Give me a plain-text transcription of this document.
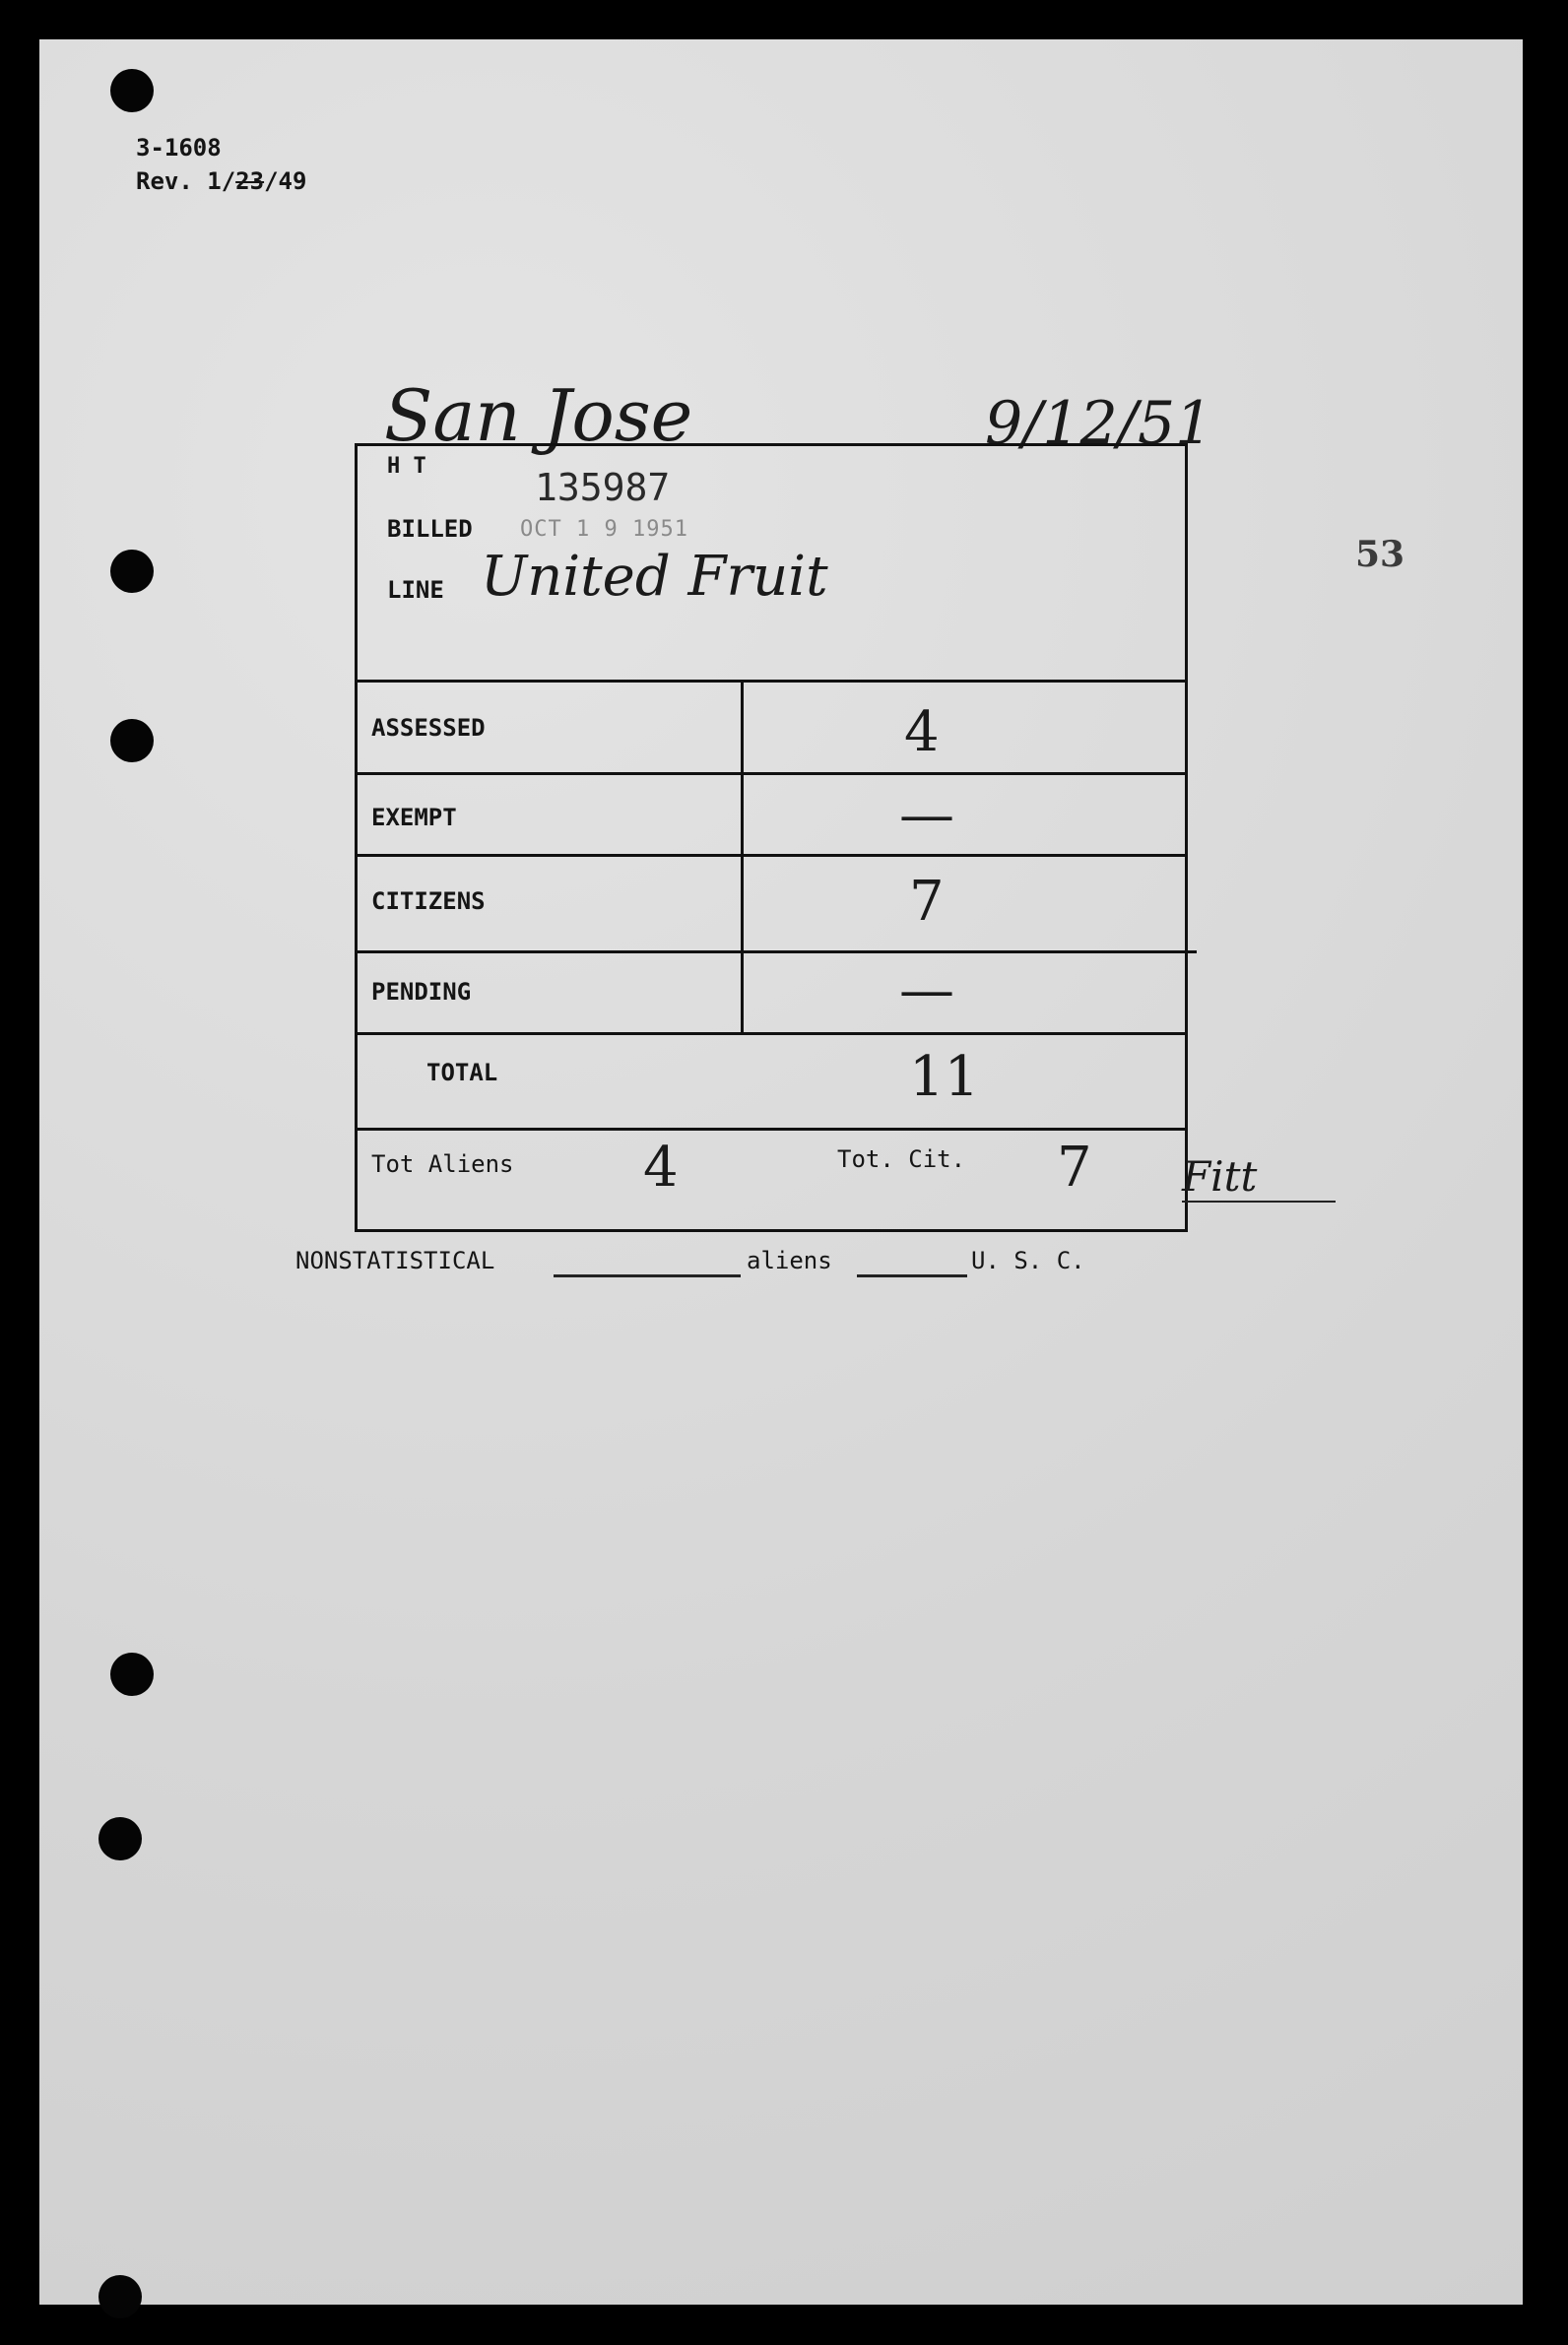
3-1608
Rev. 1/23/49
San Jose	9/12/51
53
H T	135987
BILLED OCT 1 9 1951
LINE United Fruit
ASSESSED	4
EXEMPT	—
CITIZENS	7
PENDING	—
TOTAL	11
Tot Aliens 4	Tot. Cit. 7 Fitt
NONSTATISTICAL	aliens	U. S. C.
